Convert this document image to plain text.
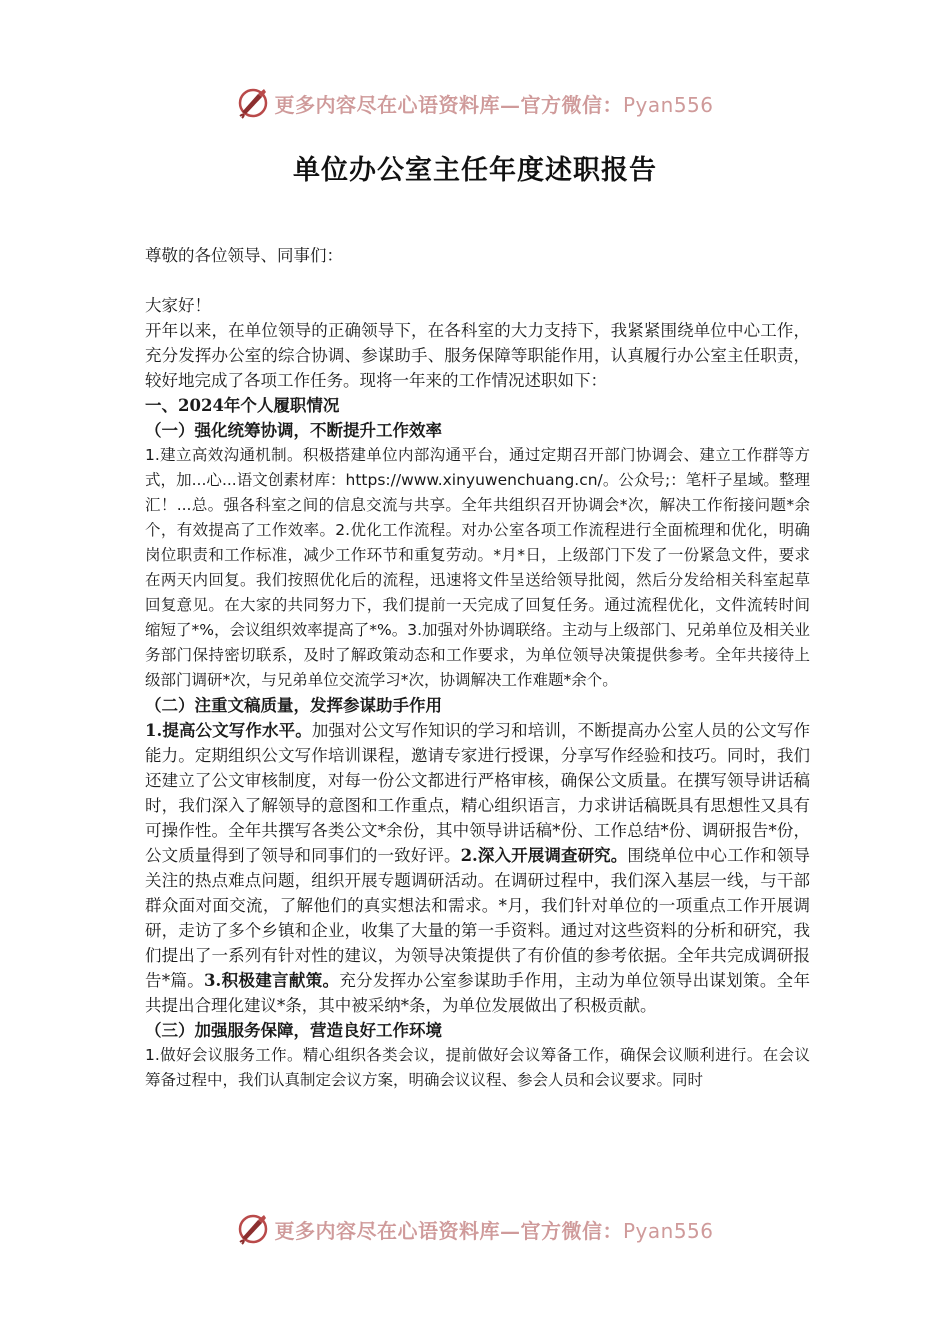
更多内容尽在心语资料库—官方微信：Pyan556
单位办公室主任年度述职报告

尊敬的各位领导、同事们：

大家好！

开年以来，在单位领导的正确领导下，在各科室的大力支持下，我紧紧围绕单位中心工作，充分发挥办公室的综合协调、参谋助手、服务保障等职能作用，认真履行办公室主任职责，较好地完成了各项工作任务。现将一年来的工作情况述职如下：

一、2024年个人履职情况

（一）强化统筹协调，不断提升工作效率

1.建立高效沟通机制。积极搭建单位内部沟通平台，通过定期召开部门协调会、建立工作群等方式，加...心...语文创素材库：https://www.xinyuwenchuang.cn/。公众号;：笔杆子星域。整理汇！...总。强各科室之间的信息交流与共享。全年共组织召开协调会*次，解决工作衔接问题*余个，有效提高了工作效率。2.优化工作流程。对办公室各项工作流程进行全面梳理和优化，明确岗位职责和工作标准，减少工作环节和重复劳动。*月*日，上级部门下发了一份紧急文件，要求在两天内回复。我们按照优化后的流程，迅速将文件呈送给领导批阅，然后分发给相关科室起草回复意见。在大家的共同努力下，我们提前一天完成了回复任务。通过流程优化，文件流转时间缩短了*%，会议组织效率提高了*%。3.加强对外协调联络。主动与上级部门、兄弟单位及相关业务部门保持密切联系，及时了解政策动态和工作要求，为单位领导决策提供参考。全年共接待上级部门调研*次，与兄弟单位交流学习*次，协调解决工作难题*余个。

（二）注重文稿质量，发挥参谋助手作用

1.提高公文写作水平。加强对公文写作知识的学习和培训，不断提高办公室人员的公文写作能力。定期组织公文写作培训课程，邀请专家进行授课，分享写作经验和技巧。同时，我们还建立了公文审核制度，对每一份公文都进行严格审核，确保公文质量。在撰写领导讲话稿时，我们深入了解领导的意图和工作重点，精心组织语言，力求讲话稿既具有思想性又具有可操作性。全年共撰写各类公文*余份，其中领导讲话稿*份、工作总结*份、调研报告*份，公文质量得到了领导和同事们的一致好评。2.深入开展调查研究。围绕单位中心工作和领导关注的热点难点问题，组织开展专题调研活动。在调研过程中，我们深入基层一线，与干部群众面对面交流，了解他们的真实想法和需求。*月，我们针对单位的一项重点工作开展调研，走访了多个乡镇和企业，收集了大量的第一手资料。通过对这些资料的分析和研究，我们提出了一系列有针对性的建议，为领导决策提供了有价值的参考依据。全年共完成调研报告*篇。3.积极建言献策。充分发挥办公室参谋助手作用，主动为单位领导出谋划策。全年共提出合理化建议*条，其中被采纳*条，为单位发展做出了积极贡献。

（三）加强服务保障，营造良好工作环境

1.做好会议服务工作。精心组织各类会议，提前做好会议筹备工作，确保会议顺利进行。在会议筹备过程中，我们认真制定会议方案，明确会议议程、参会人员和会议要求。同时

更多内容尽在心语资料库—官方微信：Pyan556
